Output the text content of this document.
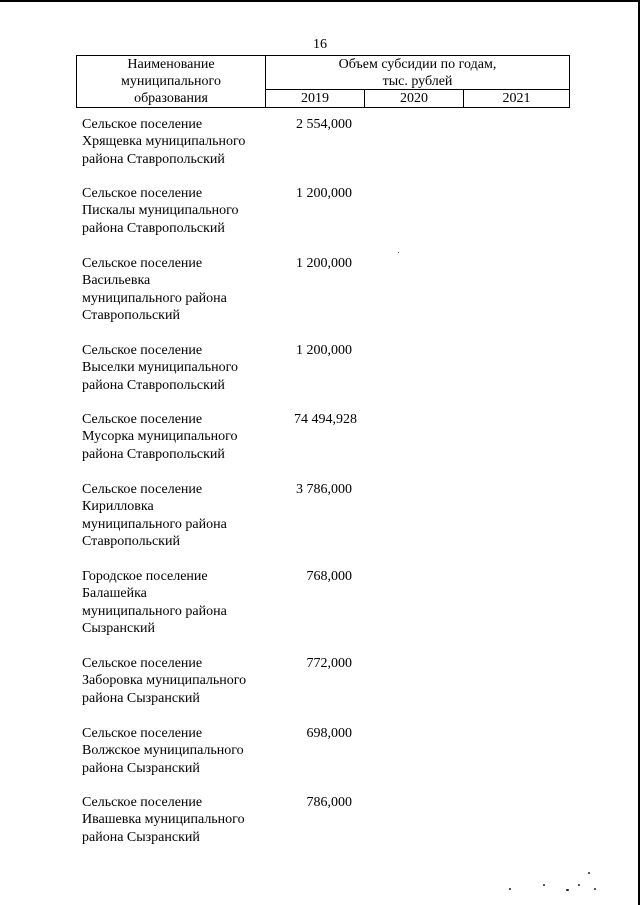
16
Наименование
муниципального
образования
Объем субсидии по годам,
тыс. рублей
2019	2020	2021
Сельское поселение
Хрящевка муниципального
района Ставропольский
2 554,000
Сельское поселение
Пискалы муниципального
района Ставропольский
1 200,000
Сельское поселение
Васильевка
муниципального района
Ставропольский
1 200,000
Сельское поселение
Выселки муниципального
района Ставропольский
1 200,000
Сельское поселение
Мусорка муниципального
района Ставропольский
74 494,928
Сельское поселение
Кирилловка
муниципального района
Ставропольский
3 786,000
Городское поселение
Балашейка
муниципального района
Сызранский
768,000
Сельское поселение
Заборовка муниципального
района Сызранский
772,000
Сельское поселение
Волжское муниципального
района Сызранский
698,000
Сельское поселение
Ивашевка муниципального
района Сызранский
786,000
